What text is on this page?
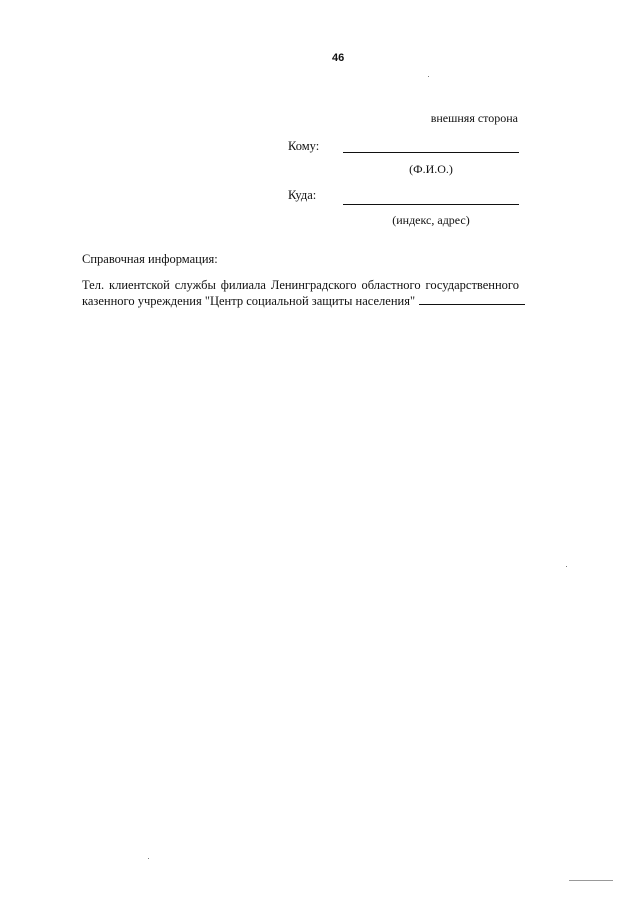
46
внешняя сторона
Кому:
(Ф.И.О.)
Куда:
(индекс, адрес)
Справочная информация:
Тел. клиентской службы филиала Ленинградского областного государственного
казенного учреждения "Центр социальной защиты населения"
